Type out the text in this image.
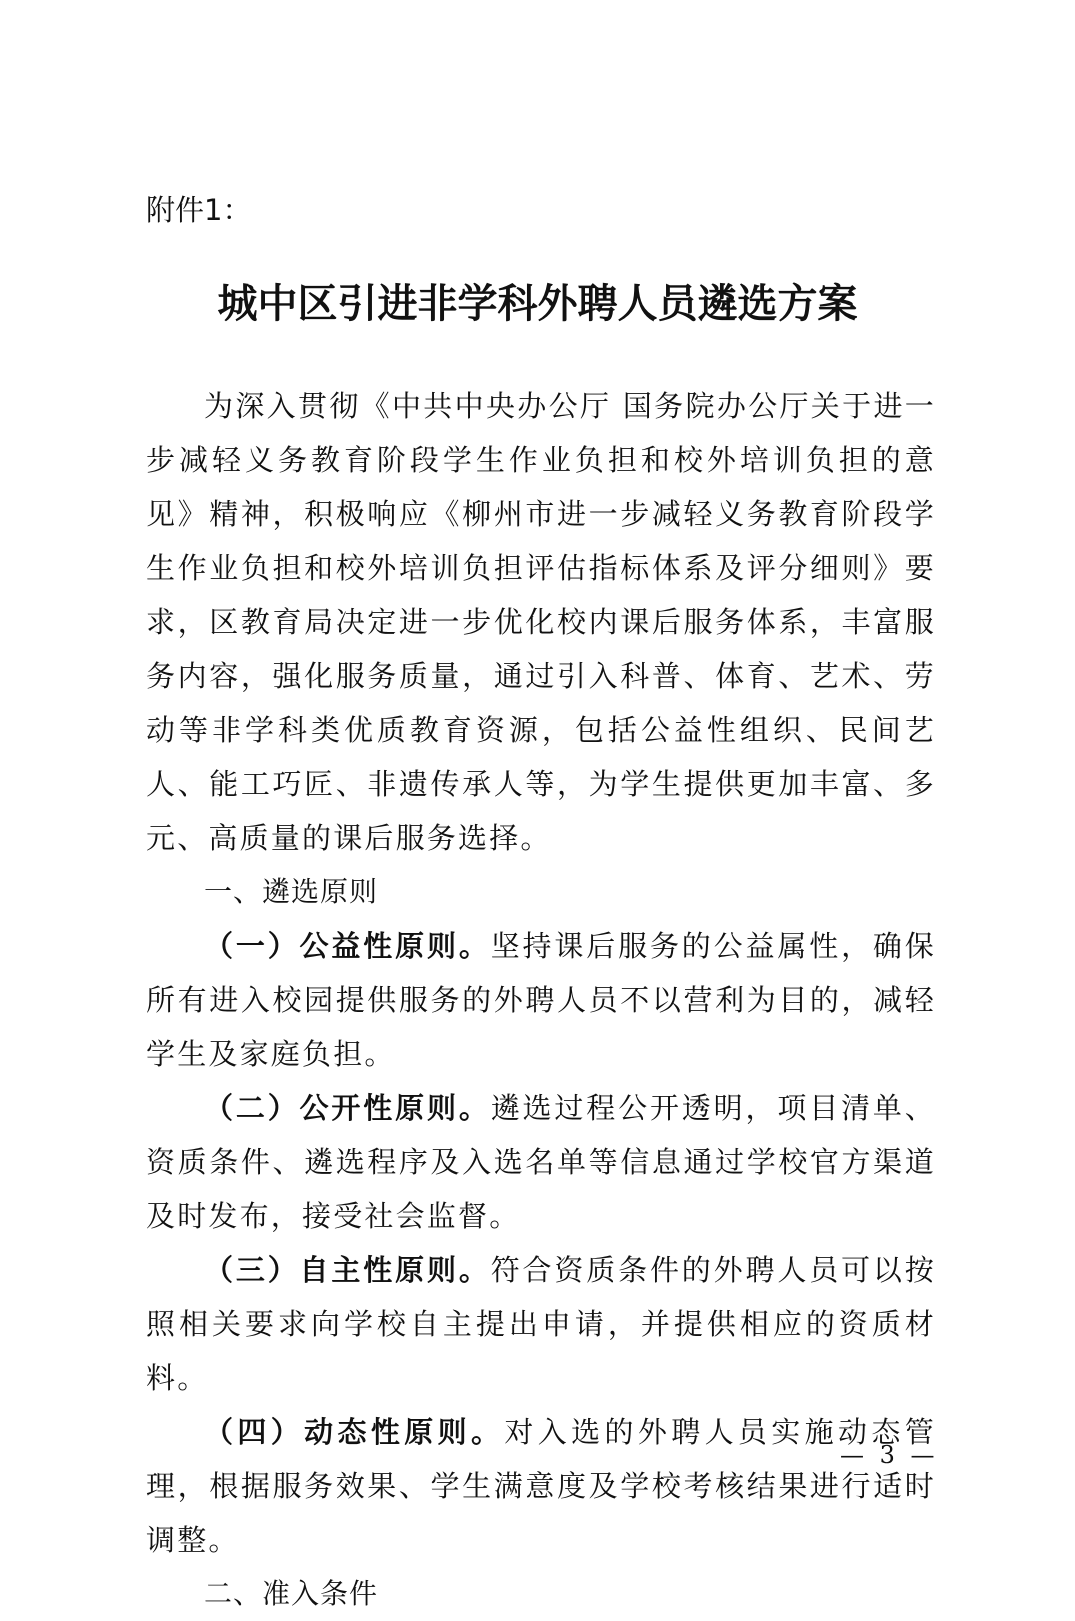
附件1：
城中区引进非学科外聘人员遴选方案

为深入贯彻《中共中央办公厅 国务院办公厅关于进一步减轻义务教育阶段学生作业负担和校外培训负担的意见》精神，积极响应《柳州市进一步减轻义务教育阶段学生作业负担和校外培训负担评估指标体系及评分细则》要求，区教育局决定进一步优化校内课后服务体系，丰富服务内容，强化服务质量，通过引入科普、体育、艺术、劳动等非学科类优质教育资源，包括公益性组织、民间艺人、能工巧匠、非遗传承人等，为学生提供更加丰富、多元、高质量的课后服务选择。

一、遴选原则

（一）公益性原则。坚持课后服务的公益属性，确保所有进入校园提供服务的外聘人员不以营利为目的，减轻学生及家庭负担。

（二）公开性原则。遴选过程公开透明，项目清单、资质条件、遴选程序及入选名单等信息通过学校官方渠道及时发布，接受社会监督。

（三）自主性原则。符合资质条件的外聘人员可以按照相关要求向学校自主提出申请，并提供相应的资质材料。

（四）动态性原则。对入选的外聘人员实施动态管理，根据服务效果、学生满意度及学校考核结果进行适时调整。

二、准入条件

— 3 —
